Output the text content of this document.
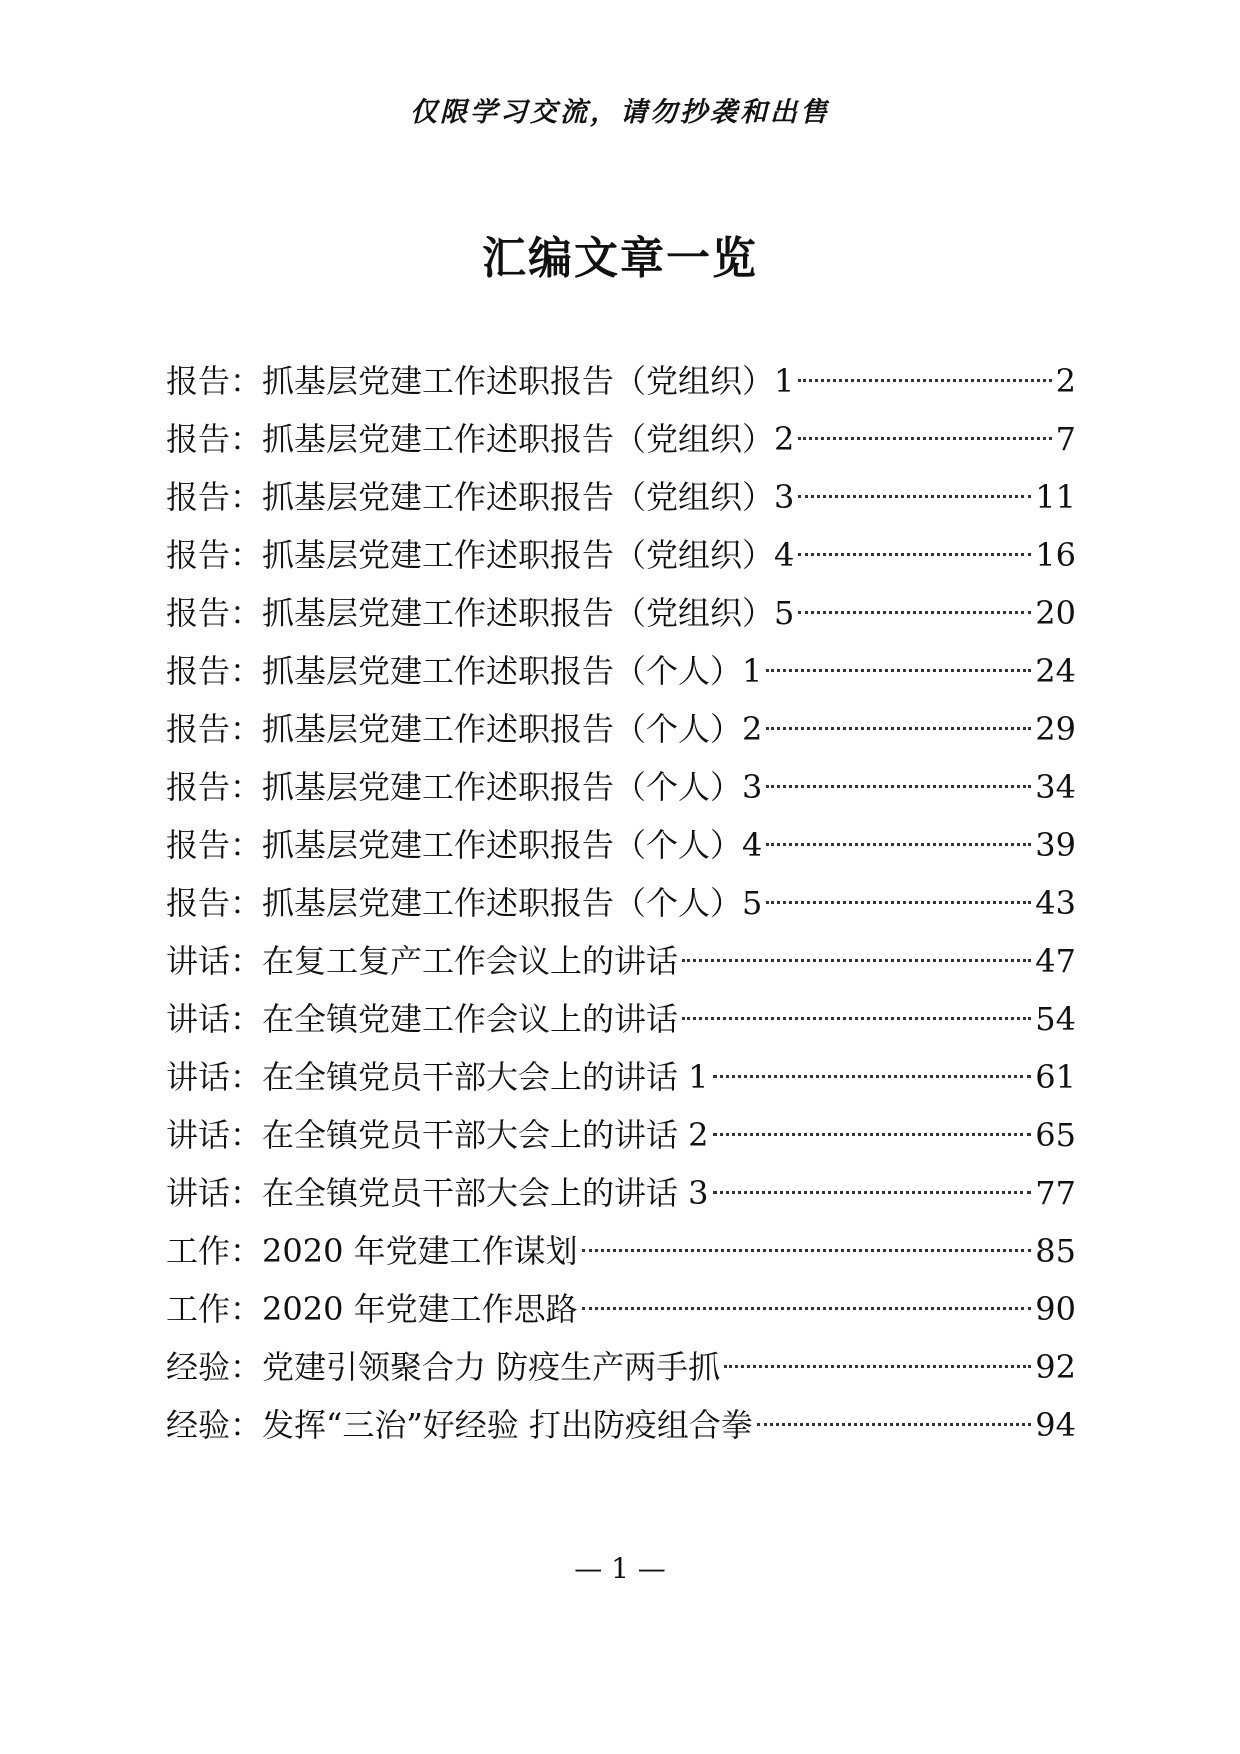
仅限学习交流，请勿抄袭和出售
汇编文章一览
报告：抓基层党建工作述职报告（党组织）1	2
报告：抓基层党建工作述职报告（党组织）2	7
报告：抓基层党建工作述职报告（党组织）3	11
报告：抓基层党建工作述职报告（党组织）4	16
报告：抓基层党建工作述职报告（党组织）5	20
报告：抓基层党建工作述职报告（个人）1	24
报告：抓基层党建工作述职报告（个人）2	29
报告：抓基层党建工作述职报告（个人）3	34
报告：抓基层党建工作述职报告（个人）4	39
报告：抓基层党建工作述职报告（个人）5	43
讲话：在复工复产工作会议上的讲话	47
讲话：在全镇党建工作会议上的讲话	54
讲话：在全镇党员干部大会上的讲话 1	61
讲话：在全镇党员干部大会上的讲话 2	65
讲话：在全镇党员干部大会上的讲话 3	77
工作：2020 年党建工作谋划	85
工作：2020 年党建工作思路	90
经验：党建引领聚合力 防疫生产两手抓	92
经验：发挥“三治”好经验 打出防疫组合拳	94
— 1 —
